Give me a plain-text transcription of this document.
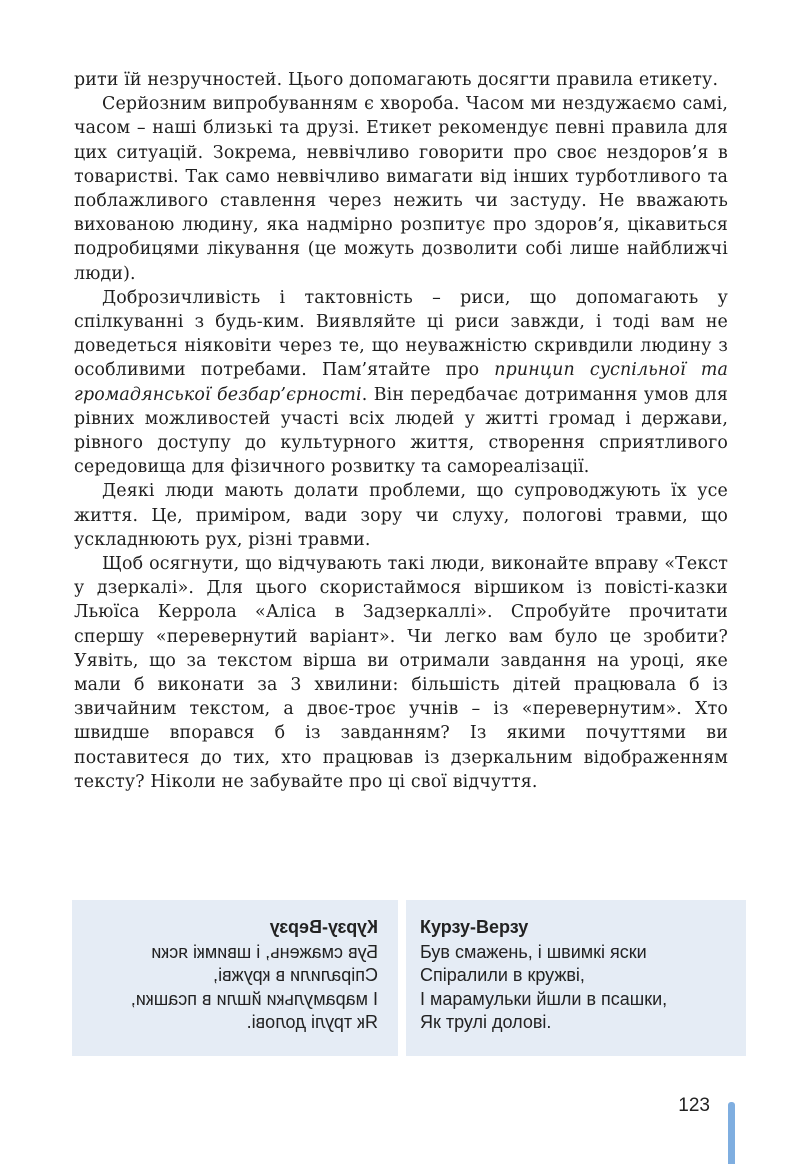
рити їй незручностей. Цього допомагають досягти правила етикету.

Серйозним випробуванням є хвороба. Часом ми нездужаємо самі, часом – наші близькі та друзі. Етикет рекомендує певні правила для цих ситуацій. Зокрема, неввічливо говорити про своє нездоров’я в товаристві. Так само неввічливо вимагати від інших турботливого та поблажливого ставлення через нежить чи застуду. Не вважають вихованою людину, яка надмірно розпитує про здоров’я, цікавиться подробицями лікування (це можуть дозволити собі лише найближчі люди).

Доброзичливість і тактовність – риси, що допомагають у спілкуванні з будь-ким. Виявляйте ці риси завжди, і тоді вам не доведеться ніяковіти через те, що неуважністю скривдили людину з особливими потребами. Пам’ятайте про принцип суспільної та громадянської безбар’єрності. Він передбачає дотримання умов для рівних можливостей участі всіх людей у житті громад і держави, рівного доступу до культурного життя, створення сприятливого середовища для фізичного розвитку та самореалізації.

Деякі люди мають долати проблеми, що супроводжують їх усе життя. Це, приміром, вади зору чи слуху, пологові травми, що ускладнюють рух, різні травми.

Щоб осягнути, що відчувають такі люди, виконайте вправу «Текст у дзеркалі». Для цього скористаймося віршиком із повісті-казки Льюїса Керрола «Аліса в Задзеркаллі». Спробуйте прочитати спершу «перевернутий варіант». Чи легко вам було це зробити? Уявіть, що за текстом вірша ви отримали завдання на уроці, яке мали б виконати за 3 хвилини: більшість дітей працювала б із звичайним текстом, а двоє-троє учнів – із «перевернутим». Хто швидше впорався б із завданням? Із якими почуттями ви поставитеся до тих, хто працював із дзеркальним відображенням тексту? Ніколи не забувайте про ці свої відчуття.

Курзу-Верзу
Був смажень, і швимкі яски
Спіралили в кружві,
І марамульки йшли в псашки,
Як трулі долові.
Курзу-Верзу
Був смажень, і швимкі яски
Спіралили в кружві,
І марамульки йшли в псашки,
Як трулі долові.
123
